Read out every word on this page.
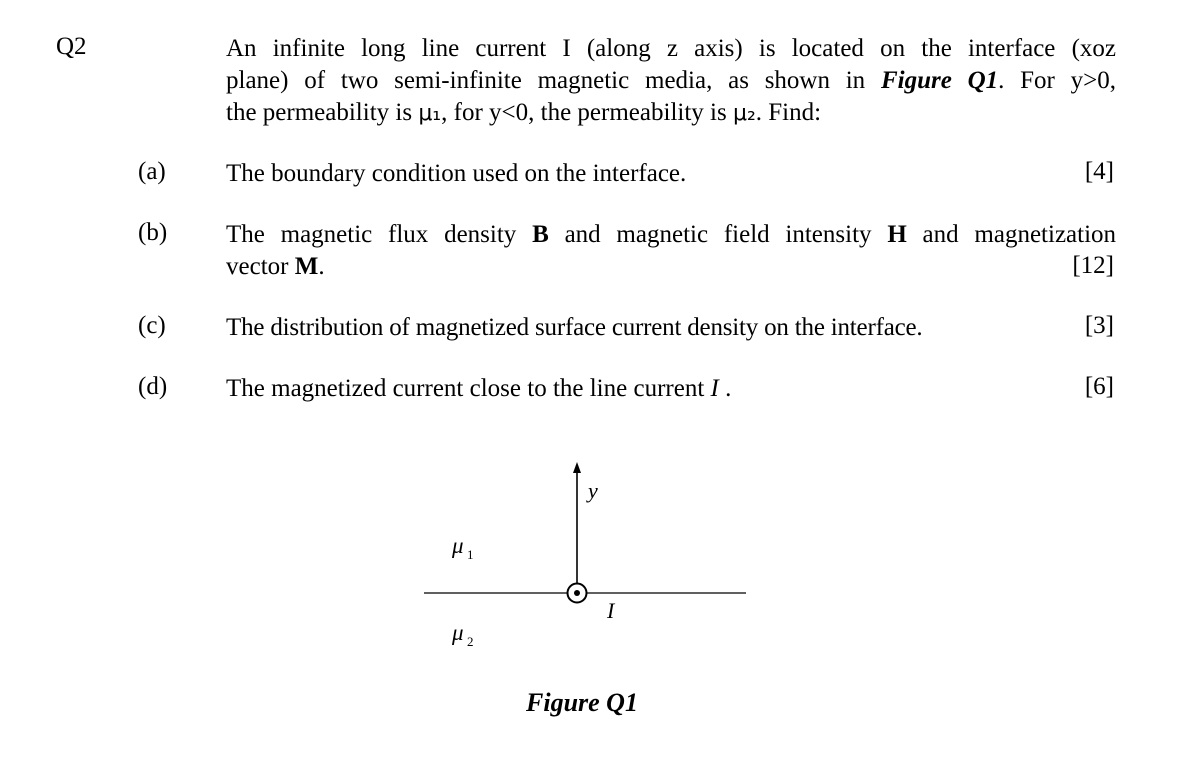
Q2	An infinite long line current I (along z axis) is located on the interface (xoz
plane) of two semi-infinite magnetic media, as shown in Figure Q1. For y>0,
the permeability is μ₁, for y<0, the permeability is μ₂. Find:
(a) The boundary condition used on the interface.	[4]
(b) The magnetic flux density B and magnetic field intensity H and magnetization
vector M.	[12]
(c) The distribution of magnetized surface current density on the interface.	[3]
(d) The magnetized current close to the line current I .	[6]
y
μ 1
μ 2
I
Figure Q1
